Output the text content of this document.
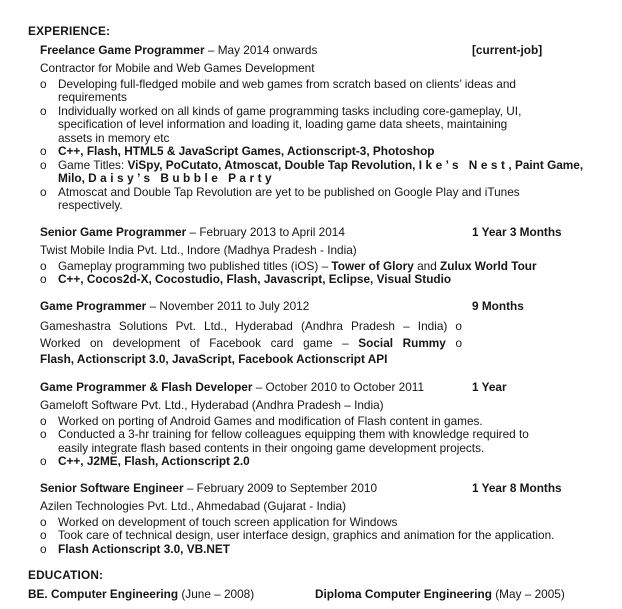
EXPERIENCE:
Freelance Game Programmer – May 2014 onwards	[current-job]
Contractor for Mobile and Web Games Development
o Developing full-fledged mobile and web games from scratch based on clients’ ideas and
requirements
o Individually worked on all kinds of game programming tasks including core-gameplay, UI,
specification of level information and loading it, loading game data sheets, maintaining
assets in memory etc
o C++, Flash, HTML5 & JavaScript Games, Actionscript-3, Photoshop
o Game Titles: ViSpy, PoCutato, Atmoscat, Double Tap Revolution, Ike’s Nest, Paint Game,
Milo, Daisy’s Bubble Party
o Atmoscat and Double Tap Revolution are yet to be published on Google Play and iTunes
respectively.
Senior Game Programmer – February 2013 to April 2014	1 Year 3 Months
Twist Mobile India Pvt. Ltd., Indore (Madhya Pradesh - India)
o Gameplay programming two published titles (iOS) – Tower of Glory and Zulux World Tour
o C++, Cocos2d-X, Cocostudio, Flash, Javascript, Eclipse, Visual Studio
Game Programmer – November 2011 to July 2012	9 Months
Gameshastra Solutions Pvt. Ltd., Hyderabad (Andhra Pradesh – India) o
Worked on development of Facebook card game – Social Rummy o
Flash, Actionscript 3.0, JavaScript, Facebook Actionscript API
Game Programmer & Flash Developer – October 2010 to October 2011	1 Year
Gameloft Software Pvt. Ltd., Hyderabad (Andhra Pradesh – India)
o Worked on porting of Android Games and modification of Flash content in games.
o Conducted a 3-hr training for fellow colleagues equipping them with knowledge required to
easily integrate flash based contents in their ongoing game development projects.
o C++, J2ME, Flash, Actionscript 2.0
Senior Software Engineer – February 2009 to September 2010	1 Year 8 Months
Azilen Technologies Pvt. Ltd., Ahmedabad (Gujarat - India)
o Worked on development of touch screen application for Windows
o Took care of technical design, user interface design, graphics and animation for the application.
o Flash Actionscript 3.0, VB.NET
EDUCATION:
BE. Computer Engineering (June – 2008)	Diploma Computer Engineering (May – 2005)
